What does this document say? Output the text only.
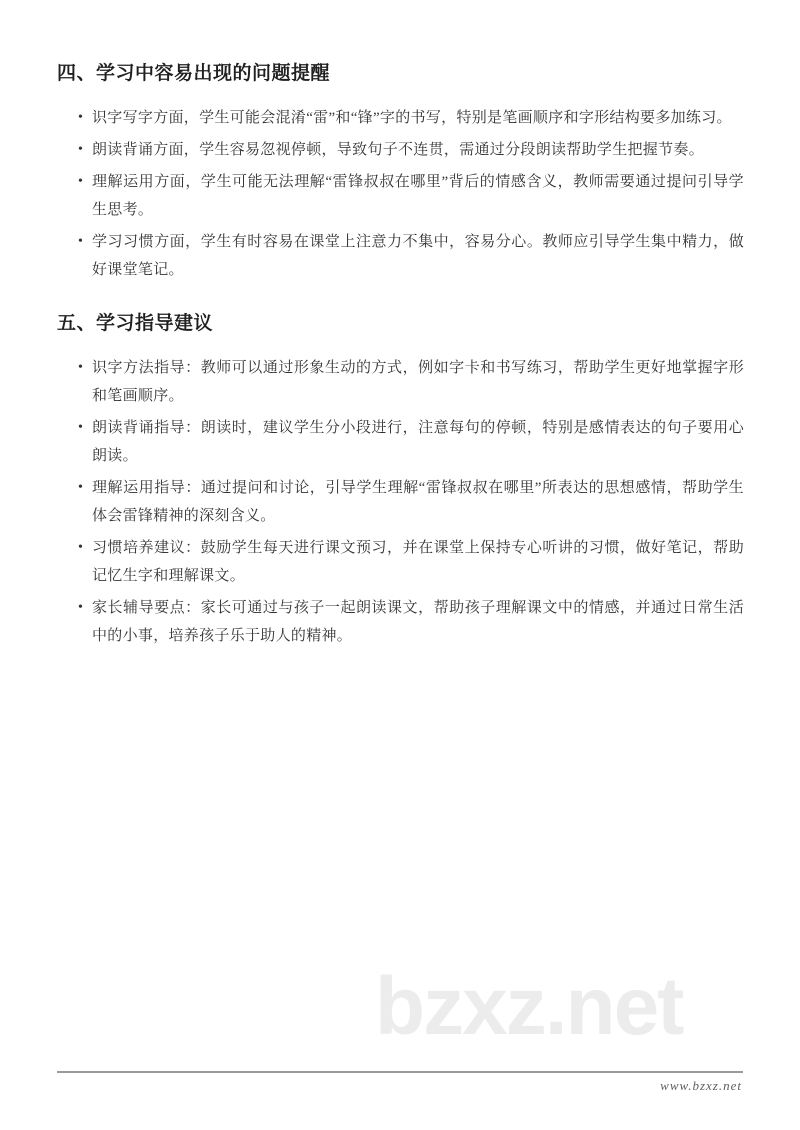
四、学习中容易出现的问题提醒
• 识字写字方面，学生可能会混淆“雷”和“锋”字的书写，特别是笔画顺序和字形结构要多加练习。
• 朗读背诵方面，学生容易忽视停顿，导致句子不连贯，需通过分段朗读帮助学生把握节奏。
• 理解运用方面，学生可能无法理解“雷锋叔叔在哪里”背后的情感含义，教师需要通过提问引导学生思考。
• 学习习惯方面，学生有时容易在课堂上注意力不集中，容易分心。教师应引导学生集中精力，做好课堂笔记。
五、学习指导建议
• 识字方法指导：教师可以通过形象生动的方式，例如字卡和书写练习，帮助学生更好地掌握字形和笔画顺序。
• 朗读背诵指导：朗读时，建议学生分小段进行，注意每句的停顿，特别是感情表达的句子要用心朗读。
• 理解运用指导：通过提问和讨论，引导学生理解“雷锋叔叔在哪里”所表达的思想感情，帮助学生体会雷锋精神的深刻含义。
• 习惯培养建议：鼓励学生每天进行课文预习，并在课堂上保持专心听讲的习惯，做好笔记，帮助记忆生字和理解课文。
• 家长辅导要点：家长可通过与孩子一起朗读课文，帮助孩子理解课文中的情感，并通过日常生活中的小事，培养孩子乐于助人的精神。
bzxz.net
www.bzxz.net
